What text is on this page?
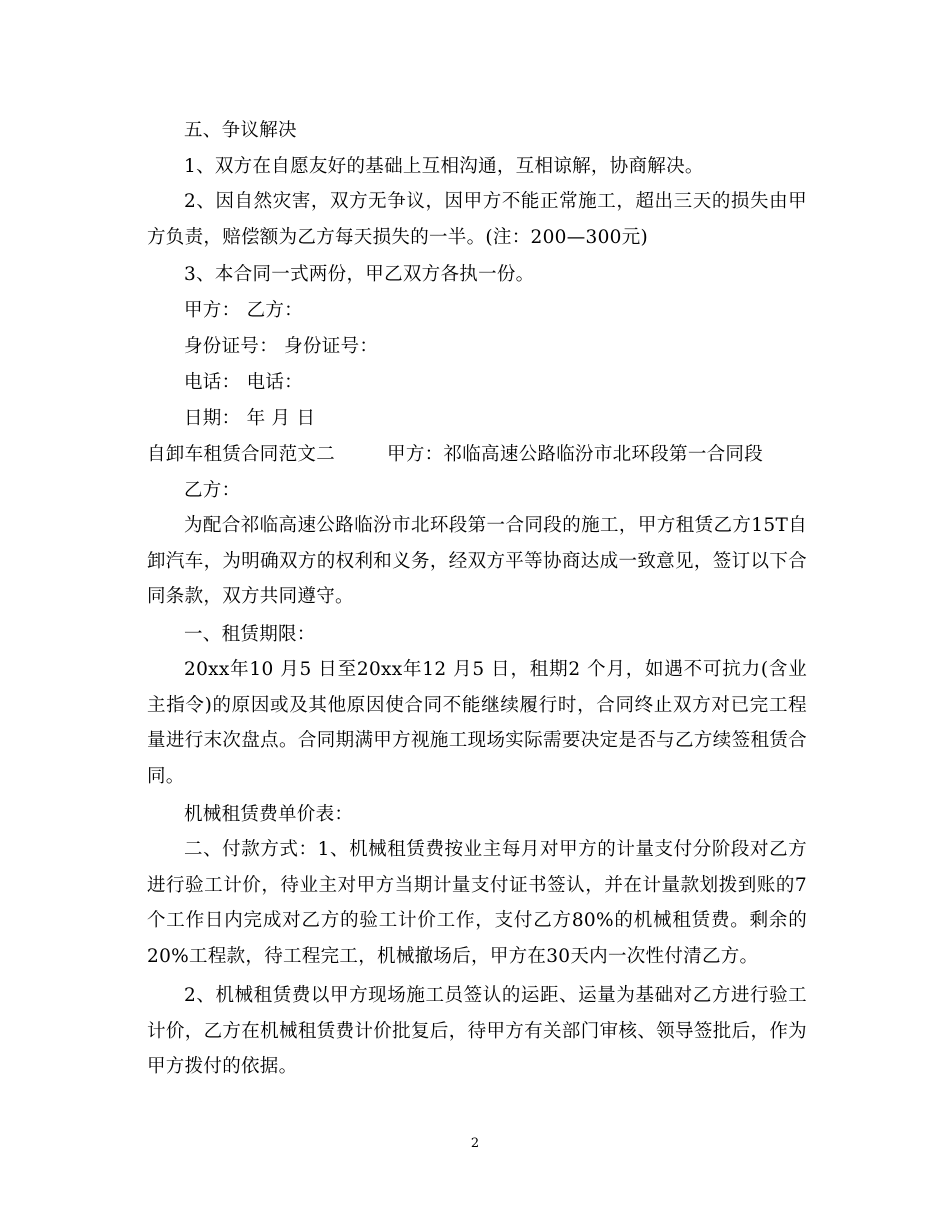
五、争议解决
1、双方在自愿友好的基础上互相沟通，互相谅解，协商解决。

2、因自然灾害，双方无争议，因甲方不能正常施工，超出三天的损失由甲方负责，赔偿额为乙方每天损失的一半。(注：200—300元)

3、本合同一式两份，甲乙双方各执一份。
甲方： 乙方：
身份证号： 身份证号：
电话： 电话：
日期： 年 月 日
自卸车租赁合同范文二	甲方：祁临高速公路临汾市北环段第一合同段
乙方：

为配合祁临高速公路临汾市北环段第一合同段的施工，甲方租赁乙方15T自卸汽车，为明确双方的权利和义务，经双方平等协商达成一致意见，签订以下合同条款，双方共同遵守。

一、租赁期限：

20xx年10 月5 日至20xx年12 月5 日，租期2 个月，如遇不可抗力(含业主指令)的原因或及其他原因使合同不能继续履行时，合同终止双方对已完工程量进行末次盘点。合同期满甲方视施工现场实际需要决定是否与乙方续签租赁合同。

机械租赁费单价表：

二、付款方式：1、机械租赁费按业主每月对甲方的计量支付分阶段对乙方进行验工计价，待业主对甲方当期计量支付证书签认，并在计量款划拨到账的7个工作日内完成对乙方的验工计价工作，支付乙方80%的机械租赁费。剩余的20%工程款，待工程完工，机械撤场后，甲方在30天内一次性付清乙方。

2、机械租赁费以甲方现场施工员签认的运距、运量为基础对乙方进行验工计价，乙方在机械租赁费计价批复后，待甲方有关部门审核、领导签批后，作为甲方拨付的依据。

2
